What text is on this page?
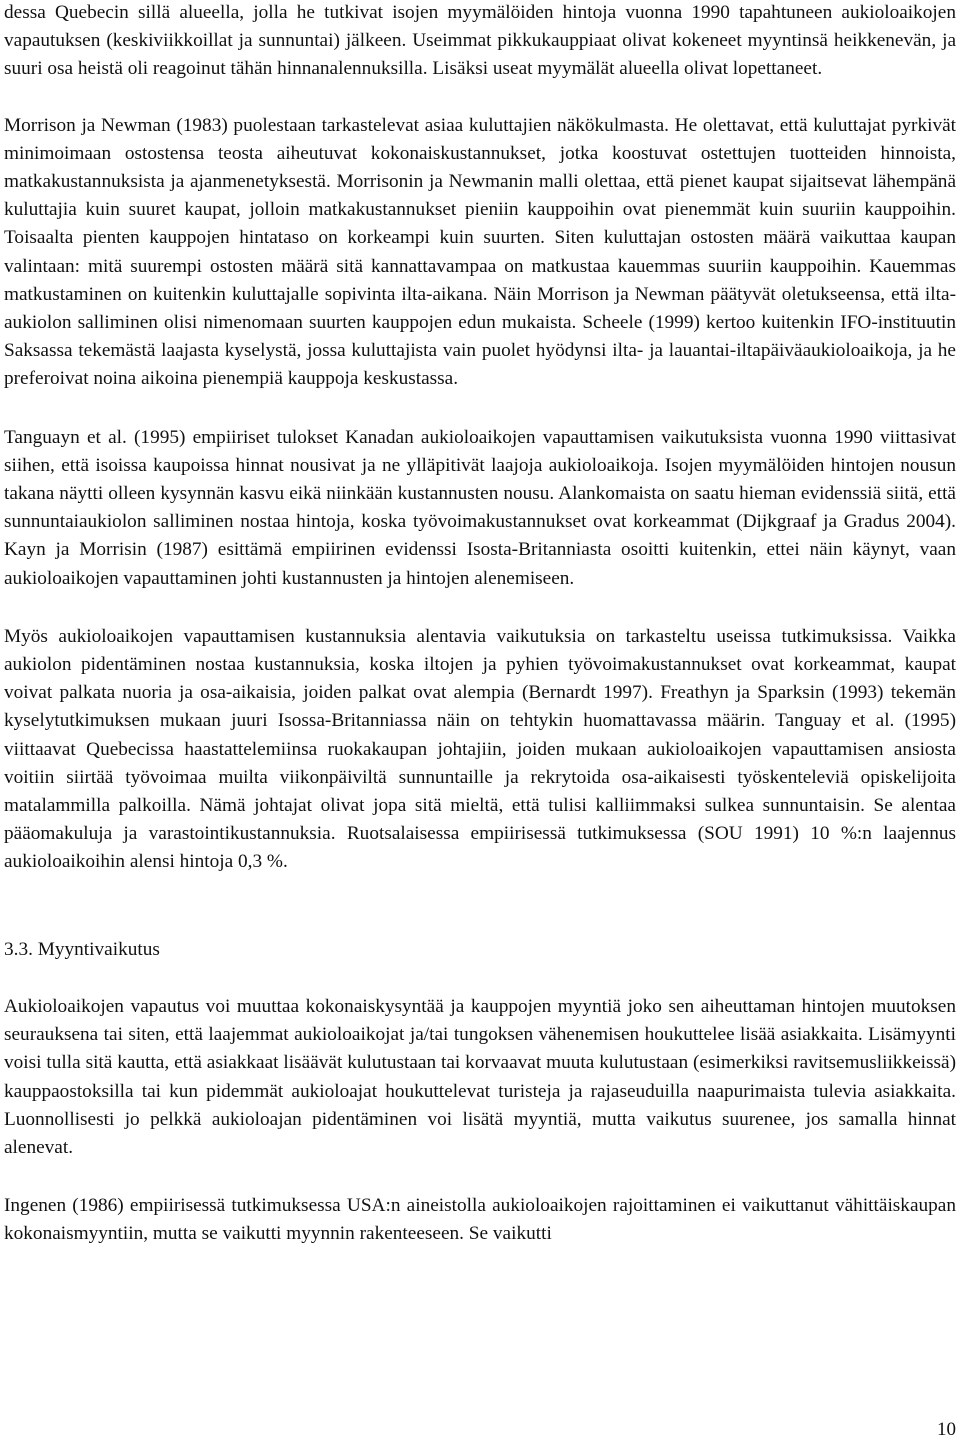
dessa Quebecin sillä alueella, jolla he tutkivat isojen myymälöiden hintoja vuonna 1990 tapahtuneen aukioloaikojen vapautuksen (keskiviikkoillat ja sunnuntai) jälkeen. Useimmat pikkukauppiaat olivat kokeneet myyntinsä heikkenevän, ja suuri osa heistä oli reagoinut tähän hinnanalennuksilla. Lisäksi useat myymälät alueella olivat lopettaneet.

Morrison ja Newman (1983) puolestaan tarkastelevat asiaa kuluttajien näkökulmasta. He olettavat, että kuluttajat pyrkivät minimoimaan ostostensa teosta aiheutuvat kokonaiskustannukset, jotka koostuvat ostettujen tuotteiden hinnoista, matkakustannuksista ja ajanmenetyksestä. Morrisonin ja Newmanin malli olettaa, että pienet kaupat sijaitsevat lähempänä kuluttajia kuin suuret kaupat, jolloin matkakustannukset pieniin kauppoihin ovat pienemmät kuin suuriin kauppoihin. Toisaalta pienten kauppojen hintataso on korkeampi kuin suurten. Siten kuluttajan ostosten määrä vaikuttaa kaupan valintaan: mitä suurempi ostosten määrä sitä kannattavampaa on matkustaa kauemmas suuriin kauppoihin. Kauemmas matkustaminen on kuitenkin kuluttajalle sopivinta ilta-aikana. Näin Morrison ja Newman päätyvät oletukseensa, että ilta-aukiolon salliminen olisi nimenomaan suurten kauppojen edun mukaista. Scheele (1999) kertoo kuitenkin IFO-instituutin Saksassa tekemästä laajasta kyselystä, jossa kuluttajista vain puolet hyödynsi ilta- ja lauantai-iltapäiväaukioloaikoja, ja he preferoivat noina aikoina pienempiä kauppoja keskustassa.

Tanguayn et al. (1995) empiiriset tulokset Kanadan aukioloaikojen vapauttamisen vaikutuksista vuonna 1990 viittasivat siihen, että isoissa kaupoissa hinnat nousivat ja ne ylläpitivät laajoja aukioloaikoja. Isojen myymälöiden hintojen nousun takana näytti olleen kysynnän kasvu eikä niinkään kustannusten nousu. Alankomaista on saatu hieman evidenssiä siitä, että sunnuntaiaukiolon salliminen nostaa hintoja, koska työvoimakustannukset ovat korkeammat (Dijkgraaf ja Gradus 2004). Kayn ja Morrisin (1987) esittämä empiirinen evidenssi Isosta-Britanniasta osoitti kuitenkin, ettei näin käynyt, vaan aukioloaikojen vapauttaminen johti kustannusten ja hintojen alenemiseen.

Myös aukioloaikojen vapauttamisen kustannuksia alentavia vaikutuksia on tarkasteltu useissa tutkimuksissa. Vaikka aukiolon pidentäminen nostaa kustannuksia, koska iltojen ja pyhien työvoimakustannukset ovat korkeammat, kaupat voivat palkata nuoria ja osa-aikaisia, joiden palkat ovat alempia (Bernardt 1997). Freathyn ja Sparksin (1993) tekemän kyselytutkimuksen mukaan juuri Isossa-Britanniassa näin on tehtykin huomattavassa määrin. Tanguay et al. (1995) viittaavat Quebecissa haastattelemiinsa ruokakaupan johtajiin, joiden mukaan aukioloaikojen vapauttamisen ansiosta voitiin siirtää työvoimaa muilta viikonpäiviltä sunnuntaille ja rekrytoida osa-aikaisesti työskenteleviä opiskelijoita matalammilla palkoilla. Nämä johtajat olivat jopa sitä mieltä, että tulisi kalliimmaksi sulkea sunnuntaisin. Se alentaa pääomakuluja ja varastointikustannuksia. Ruotsalaisessa empiirisessä tutkimuksessa (SOU 1991) 10 %:n laajennus aukioloaikoihin alensi hintoja 0,3 %.

3.3. Myyntivaikutus

Aukioloaikojen vapautus voi muuttaa kokonaiskysyntää ja kauppojen myyntiä joko sen aiheuttaman hintojen muutoksen seurauksena tai siten, että laajemmat aukioloaikojat ja/tai tungoksen vähenemisen houkuttelee lisää asiakkaita. Lisämyynti voisi tulla sitä kautta, että asiakkaat lisäävät kulutustaan tai korvaavat muuta kulutustaan (esimerkiksi ravitsemusliikkeissä) kauppaostoksilla tai kun pidemmät aukioloajat houkuttelevat turisteja ja rajaseuduilla naapurimaista tulevia asiakkaita. Luonnollisesti jo pelkkä aukioloajan pidentäminen voi lisätä myyntiä, mutta vaikutus suurenee, jos samalla hinnat alenevat.

Ingenen (1986) empiirisessä tutkimuksessa USA:n aineistolla aukioloaikojen rajoittaminen ei vaikuttanut vähittäiskaupan kokonaismyyntiin, mutta se vaikutti myynnin rakenteeseen. Se vaikutti

10
